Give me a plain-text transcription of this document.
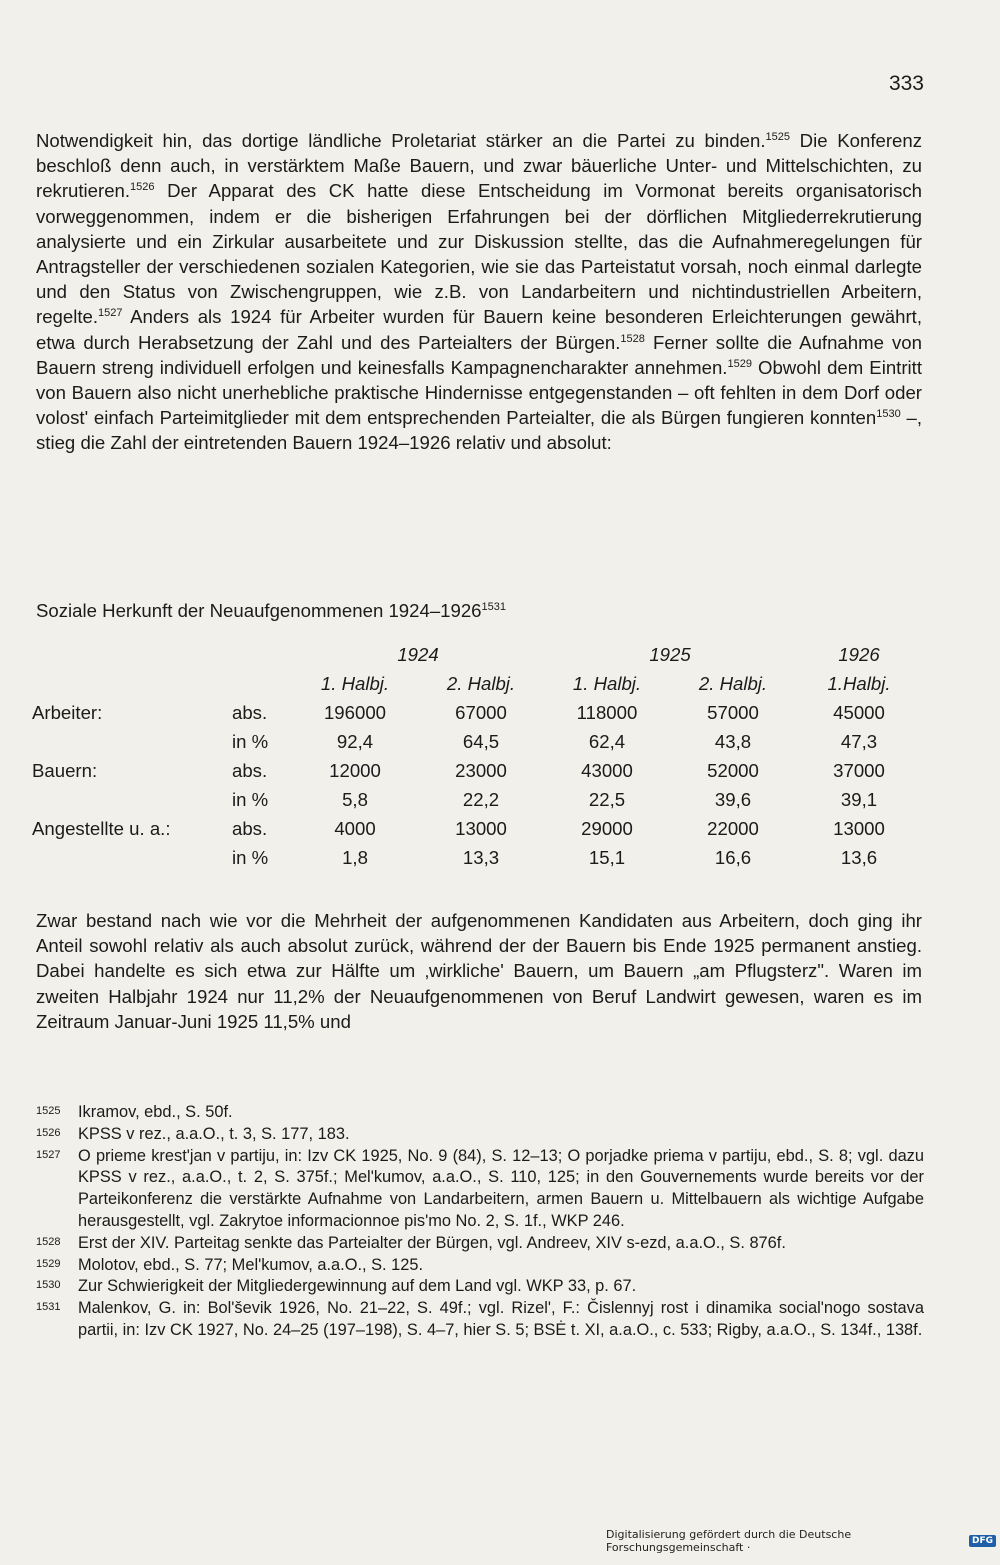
333
Notwendigkeit hin, das dortige ländliche Proletariat stärker an die Partei zu binden.$^{1525}$ Die Konferenz beschloß denn auch, in verstärktem Maße Bauern, und zwar bäuerliche Unter- und Mittelschichten, zu rekrutieren.$^{1526}$ Der Apparat des CK hatte diese Entscheidung im Vormonat bereits organisatorisch vorweggenommen, indem er die bisherigen Erfahrungen bei der dörflichen Mitgliederrekrutierung analysierte und ein Zirkular ausarbeitete und zur Diskussion stellte, das die Aufnahmeregelungen für Antragsteller der verschiedenen sozialen Kategorien, wie sie das Parteistatut vorsah, noch einmal darlegte und den Status von Zwischengruppen, wie z.B. von Landarbeitern und nichtindustriellen Arbeitern, regelte.$^{1527}$ Anders als 1924 für Arbeiter wurden für Bauern keine besonderen Erleichterungen gewährt, etwa durch Herabsetzung der Zahl und des Parteialters der Bürgen.$^{1528}$ Ferner sollte die Aufnahme von Bauern streng individuell erfolgen und keinesfalls Kampagnencharakter annehmen.$^{1529}$ Obwohl dem Eintritt von Bauern also nicht unerhebliche praktische Hindernisse entgegenstanden – oft fehlten in dem Dorf oder volost' einfach Parteimitglieder mit dem entsprechenden Parteialter, die als Bürgen fungieren konnten$^{1530}$ –, stieg die Zahl der eintretenden Bauern 1924–1926 relativ und absolut:
Soziale Herkunft der Neuaufgenommenen $1924-1926^{1531}$
		1924		1925		1926
		1. Halbj.	2. Halbj.	1. Halbj.	2. Halbj.	1.Halbj.
Arbeiter:	abs.	196000	67000	118000	57000	45000
	in %	92,4	64,5	62,4	43,8	47,3
Bauern:	abs.	12000	23000	43000	52000	37000
	in %	5,8	22,2	22,5	39,6	39,1
Angestellte u. a.:	abs.	4000	13000	29000	22000	13000
	in %	1,8	13,3	15,1	16,6	13,6
Zwar bestand nach wie vor die Mehrheit der aufgenommenen Kandidaten aus Arbeitern, doch ging ihr Anteil sowohl relativ als auch absolut zurück, während der der Bauern bis Ende 1925 permanent anstieg. Dabei handelte es sich etwa zur Hälfte um ‚wirkliche' Bauern, um Bauern „am Pflugsterz". Waren im zweiten Halbjahr 1924 nur 11,2% der Neuaufgenommenen von Beruf Landwirt gewesen, waren es im Zeitraum Januar-Juni 1925 11,5% und
1525	Ikramov, ebd., S. 50f.
1526	KPSS v rez., a.a.O., t. 3, S. 177, 183.
1527	O prieme krest'jan v partiju, in: Izv CK 1925, No. 9 (84), S. 12–13; O porjadke priema v partiju, ebd., S. 8; vgl. dazu KPSS v rez., a.a.O., t. 2, S. 375f.; Mel'kumov, a.a.O., S. 110, 125; in den Gouvernements wurde bereits vor der Parteikonferenz die verstärkte Aufnahme von Landarbeitern, armen Bauern u. Mittelbauern als wichtige Aufgabe herausgestellt, vgl. Zakrytoe informacionnoe pis'mo No. 2, S. 1f., WKP 246.
1528	Erst der XIV. Parteitag senkte das Parteialter der Bürgen, vgl. Andreev, XIV s-ezd, a.a.O., S. 876f.
1529	Molotov, ebd., S. 77; Mel'kumov, a.a.O., S. 125.
1530	Zur Schwierigkeit der Mitgliedergewinnung auf dem Land vgl. WKP 33, p. 67.
1531	Malenkov, G. in: Bol'ševik 1926, No. 21–22, S. 49f.; vgl. Rizel', F.: Čislennyj rost i dinamika social'nogo sostava partii, in: Izv CK 1927, No. 24–25 (197–198), S. 4–7, hier S. 5; BSĖ t. XI, a.a.O., c. 533; Rigby, a.a.O., S. 134f., 138f.
Digitalisierung gefördert durch die Deutsche Forschungsgemeinschaft ·	DFG
